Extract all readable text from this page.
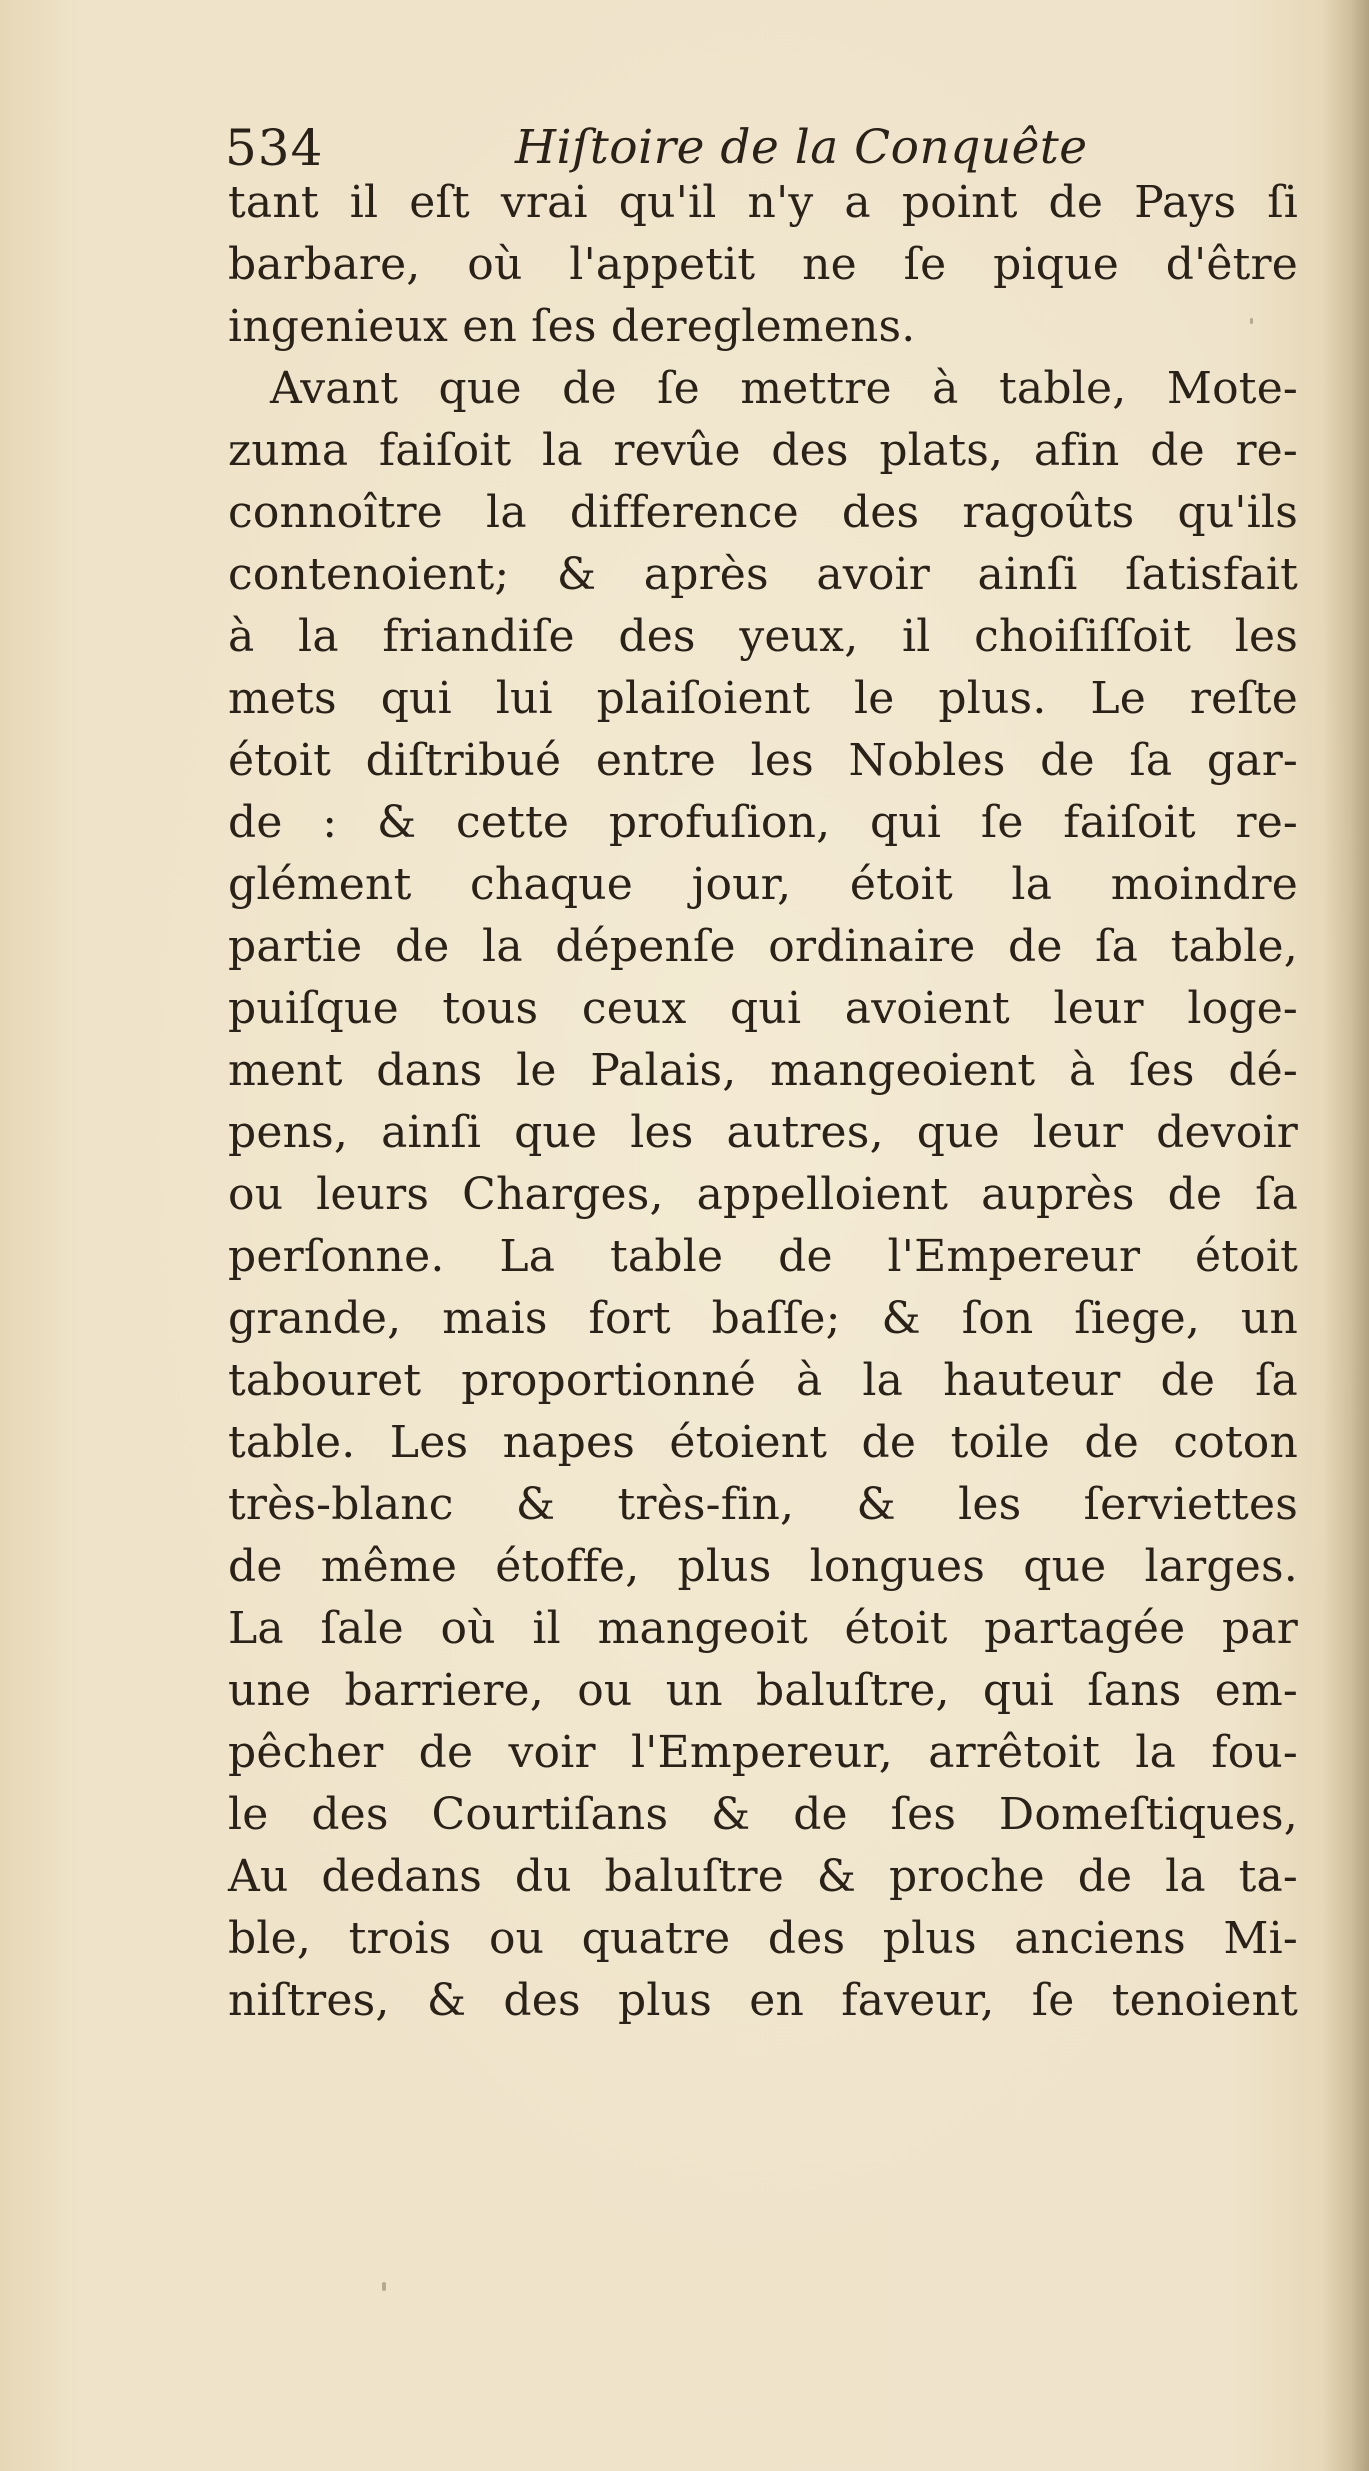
534	Hiſtoire de la Conquête
tant il eſt vrai qu'il n'y a point de Pays ſi
barbare, où l'appetit ne ſe pique d'être
ingenieux en ſes dereglemens.
Avant que de ſe mettre à table, Mote-
zuma faiſoit la revûe des plats, afin de re-
connoître la difference des ragoûts qu'ils
contenoient; & après avoir ainſi ſatisfait
à la friandiſe des yeux, il choiſiſſoit les
mets qui lui plaiſoient le plus. Le reſte
étoit diſtribué entre les Nobles de ſa gar-
de : & cette profuſion, qui ſe faiſoit re-
glément chaque jour, étoit la moindre
partie de la dépenſe ordinaire de ſa table,
puiſque tous ceux qui avoient leur loge-
ment dans le Palais, mangeoient à ſes dé-
pens, ainſi que les autres, que leur devoir
ou leurs Charges, appelloient auprès de ſa
perſonne. La table de l'Empereur étoit
grande, mais fort baſſe; & ſon ſiege, un
tabouret proportionné à la hauteur de ſa
table. Les napes étoient de toile de coton
très-blanc & très-fin, & les ſerviettes
de même étoffe, plus longues que larges.
La ſale où il mangeoit étoit partagée par
une barriere, ou un baluſtre, qui ſans em-
pêcher de voir l'Empereur, arrêtoit la fou-
le des Courtiſans & de ſes Domeſtiques,
Au dedans du baluſtre & proche de la ta-
ble, trois ou quatre des plus anciens Mi-
niſtres, & des plus en faveur, ſe tenoient
